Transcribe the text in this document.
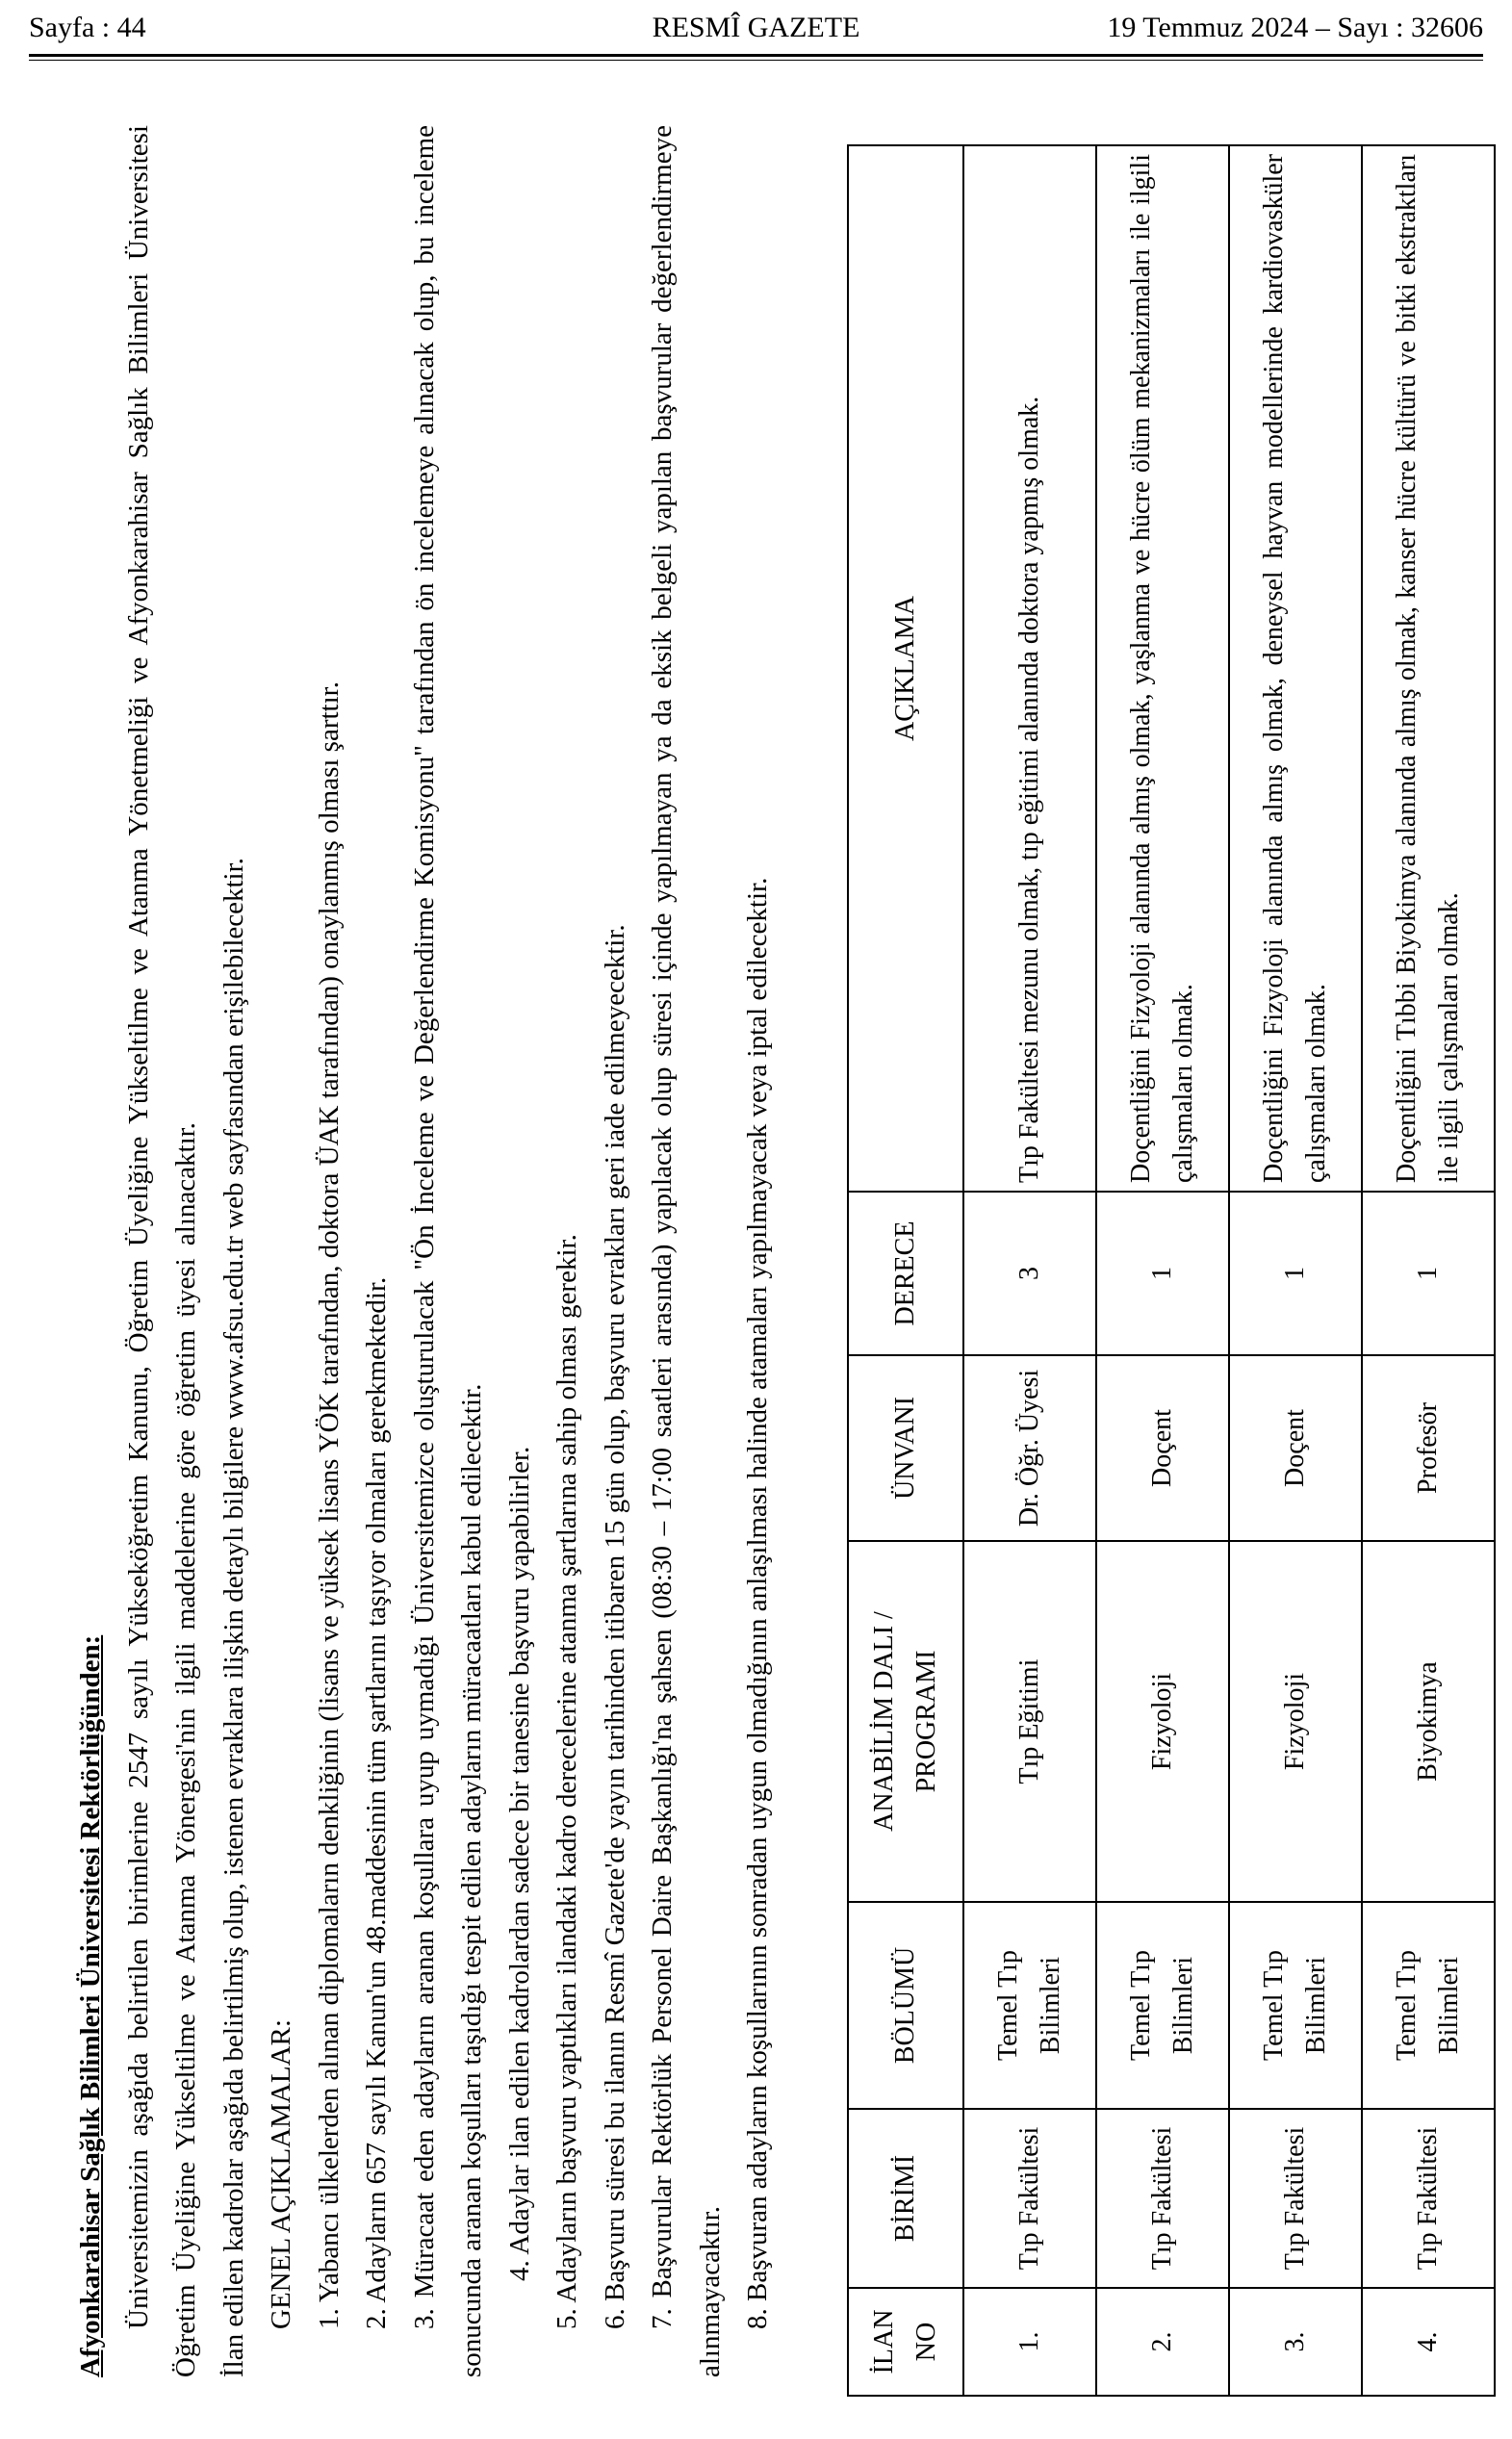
Sayfa : 44	RESMÎ GAZETE	19 Temmuz 2024 – Sayı : 32606

Afyonkarahisar Sağlık Bilimleri Üniversitesi Rektörlüğünden: Üniversitemizin aşağıda belirtilen birimlerine 2547 sayılı Yükseköğretim Kanunu, Öğretim Üyeliğine Yükseltilme ve Atanma Yönetmeliği ve Afyonkarahisar Sağlık Bilimleri Üniversitesi Öğretim Üyeliğine Yükseltilme ve Atanma Yönergesi'nin ilgili maddelerine göre öğretim üyesi alınacaktır. İlan edilen kadrolar aşağıda belirtilmiş olup, istenen evraklara ilişkin detaylı bilgilere www.afsu.edu.tr web sayfasından erişilebilecektir. GENEL AÇIKLAMALAR: 1. Yabancı ülkelerden alınan diplomaların denkliğinin (lisans ve yüksek lisans YÖK tarafından, doktora ÜAK tarafından) onaylanmış olması şarttır. 2. Adayların 657 sayılı Kanun'un 48.maddesinin tüm şartlarını taşıyor olmaları gerekmektedir. 3. Müracaat eden adayların aranan koşullara uyup uymadığı Üniversitemizce oluşturulacak "Ön İnceleme ve Değerlendirme Komisyonu" tarafından ön incelemeye alınacak olup, bu inceleme sonucunda aranan koşulları taşıdığı tespit edilen adayların müracaatları kabul edilecektir. 4. Adaylar ilan edilen kadrolardan sadece bir tanesine başvuru yapabilirler. 5. Adayların başvuru yaptıkları ilandaki kadro derecelerine atanma şartlarına sahip olması gerekir. 6. Başvuru süresi bu ilanın Resmî Gazete'de yayın tarihinden itibaren 15 gün olup, başvuru evrakları geri iade edilmeyecektir. 7. Başvurular Rektörlük Personel Daire Başkanlığı'na şahsen (08:30 – 17:00 saatleri arasında) yapılacak olup süresi içinde yapılmayan ya da eksik belgeli yapılan başvurular değerlendirmeye alınmayacaktır. 8. Başvuran adayların koşullarının sonradan uygun olmadığının anlaşılması halinde atamaları yapılmayacak veya iptal edilecektir.

İLAN NO	BİRİMİ	BÖLÜMÜ	ANABİLİM DALI / PROGRAMI	ÜNVANI	DERECE	AÇIKLAMA
1.	Tıp Fakültesi	Temel Tıp Bilimleri	Tıp Eğitimi	Dr. Öğr. Üyesi	3	Tıp Fakültesi mezunu olmak, tıp eğitimi alanında doktora yapmış olmak.
2.	Tıp Fakültesi	Temel Tıp Bilimleri	Fizyoloji	Doçent	1	Doçentliğini Fizyoloji alanında almış olmak, yaşlanma ve hücre ölüm mekanizmaları ile ilgili çalışmaları olmak.
3.	Tıp Fakültesi	Temel Tıp Bilimleri	Fizyoloji	Doçent	1	Doçentliğini Fizyoloji alanında almış olmak, deneysel hayvan modellerinde kardiovasküler çalışmaları olmak.
4.	Tıp Fakültesi	Temel Tıp Bilimleri	Biyokimya	Profesör	1	Doçentliğini Tıbbi Biyokimya alanında almış olmak, kanser hücre kültürü ve bitki ekstraktları ile ilgili çalışmaları olmak.
